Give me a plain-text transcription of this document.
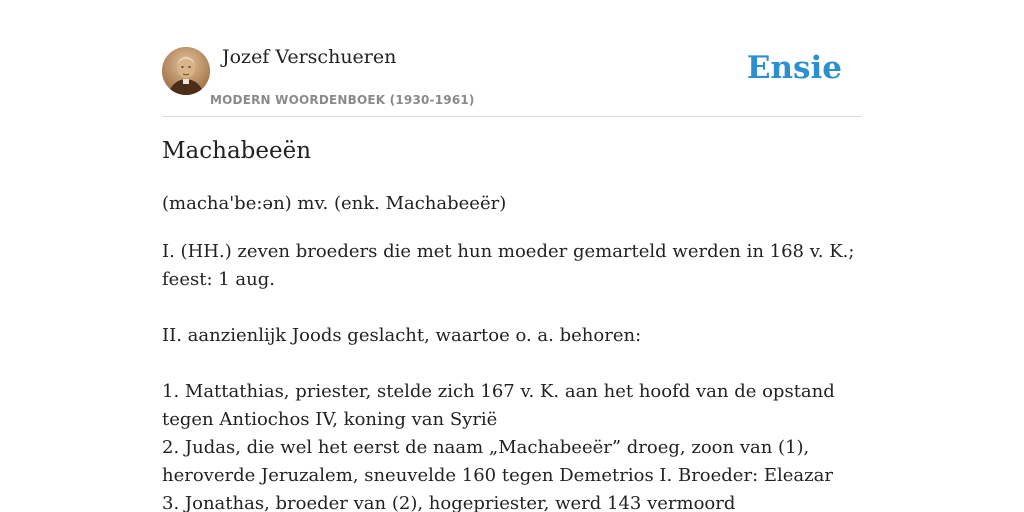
Jozef Verschueren
MODERN WOORDENBOEK (1930-1961)
Ensie
Machabeeën

(macha'be:ən) mv. (enk. Machabeeër)

I. (HH.) zeven broeders die met hun moeder gemarteld werden in 168 v. K.; feest: 1 aug.

II. aanzienlijk Joods geslacht, waartoe o. a. behoren:

1. Mattathias, priester, stelde zich 167 v. K. aan het hoofd van de opstand tegen Antiochos IV, koning van Syrië

2. Judas, die wel het eerst de naam „Machabeeër” droeg, zoon van (1), heroverde Jeruzalem, sneuvelde 160 tegen Demetrios I. Broeder: Eleazar

3. Jonathas, broeder van (2), hogepriester, werd 143 vermoord
